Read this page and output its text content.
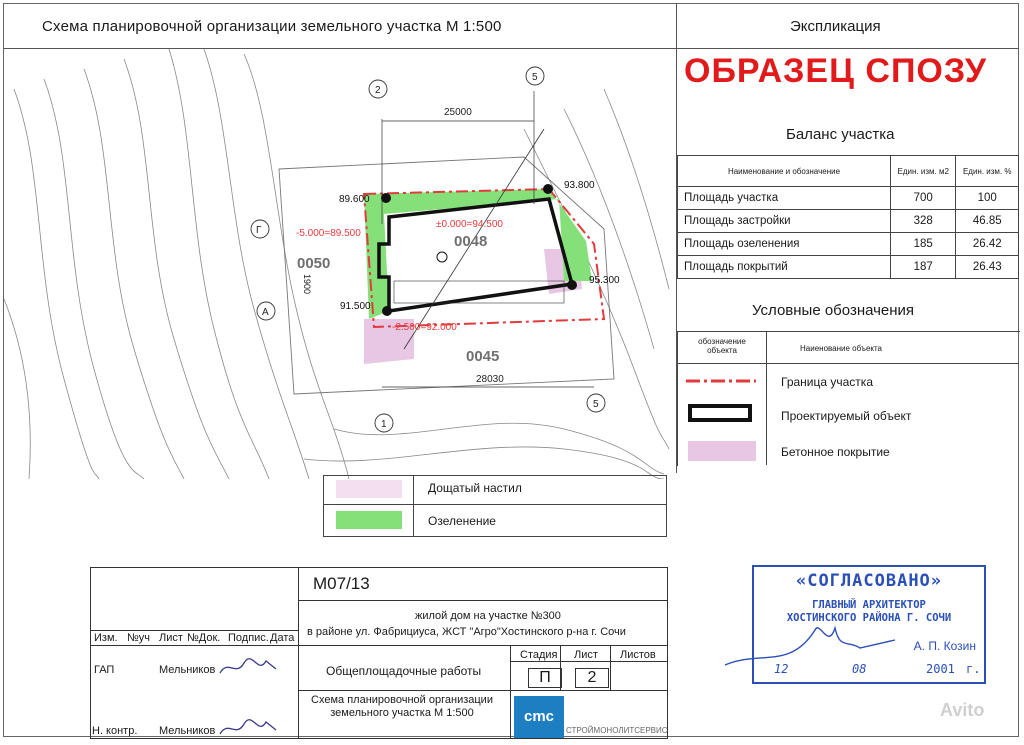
Схема планировочной организации земельного участка М 1:500	Экспликация
ОБРАЗЕЦ СПОЗУ
25000
28030
2
5
Г
А
1
5
89.600
93.800
91.500
95.300
±0.000=94.500
-5.000=89.500
-2.500=92.000
0048
0050
0045
1900
Баланс участка
Наименование и обозначение	Един. изм. м2	Един. изм. %
Площадь участка	700	100
Площадь застройки	328	46.85
Площадь озеленения	185	26.42
Площадь покрытий	187	26.43
Условные обозначения
обозначение объекта	Наиенование объекта
Граница участка
Проектируемый объект
Бетонное покрытие
Дощатый настил
Озеленение
М07/13
жилой дом на участке №300
в районе ул. Фабрициуса, ЖСТ "Агро"Хостинского р-на г. Сочи
Изм. №уч Лист №Док. Подпис. Дата
ГАП	Мельников
Н. контр. Мельников
Общеплощадочные работы
Стадия Лист Листов
П	2
Схема планировочной организации земельного участка М 1:500	cmc
СТРОЙМОНОЛИТСЕРВИС
«СОГЛАСОВАНО»
ГЛАВНЫЙ АРХИТЕКТОР
ХОСТИНСКОГО РАЙОНА Г. СОЧИ
А. П. Козин
12	08	2001 г.
Avito
